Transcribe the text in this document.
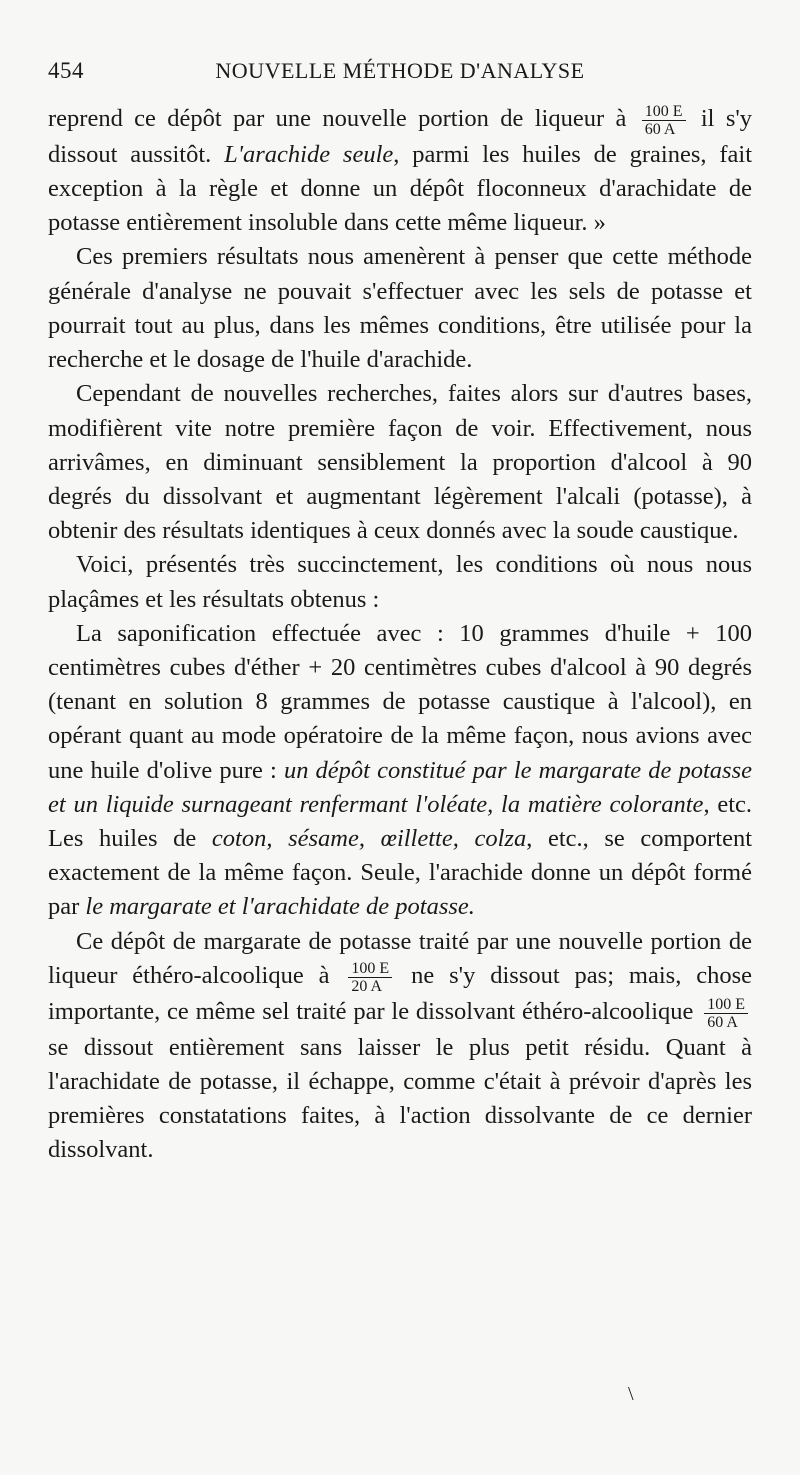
454	NOUVELLE MÉTHODE D'ANALYSE

reprend ce dépôt par une nouvelle portion de liqueur à $\frac{100 E}{60 A}$ il s'y dissout aussitôt. L'arachide seule, parmi les huiles de graines, fait exception à la règle et donne un dépôt floconneux d'arachidate de potasse entièrement insoluble dans cette même liqueur. »

Ces premiers résultats nous amenèrent à penser que cette méthode générale d'analyse ne pouvait s'effectuer avec les sels de potasse et pourrait tout au plus, dans les mêmes conditions, être utilisée pour la recherche et le dosage de l'huile d'arachide.

Cependant de nouvelles recherches, faites alors sur d'autres bases, modifièrent vite notre première façon de voir. Effectivement, nous arrivâmes, en diminuant sensiblement la proportion d'alcool à 90 degrés du dissolvant et augmentant légèrement l'alcali (potasse), à obtenir des résultats identiques à ceux donnés avec la soude caustique.

Voici, présentés très succinctement, les conditions où nous nous plaçâmes et les résultats obtenus :

La saponification effectuée avec : 10 grammes d'huile + 100 centimètres cubes d'éther + 20 centimètres cubes d'alcool à 90 degrés (tenant en solution 8 grammes de potasse caustique à l'alcool), en opérant quant au mode opératoire de la même façon, nous avions avec une huile d'olive pure : un dépôt constitué par le margarate de potasse et un liquide surnageant renfermant l'oléate, la matière colorante, etc. Les huiles de coton, sésame, œillette, colza, etc., se comportent exactement de la même façon. Seule, l'arachide donne un dépôt formé par le margarate et l'arachidate de potasse.

Ce dépôt de margarate de potasse traité par une nouvelle portion de liqueur éthéro-alcoolique à $\frac{100 E}{20 A}$ ne s'y dissout pas; mais, chose importante, ce même sel traité par le dissolvant éthéro-alcoolique $\frac{100 E}{60 A}$
se dissout entièrement sans laisser le plus petit résidu. Quant à l'arachidate de potasse, il échappe, comme c'était à prévoir d'après les premières constatations faites, à l'action dissolvante de ce dernier dissolvant.

\
